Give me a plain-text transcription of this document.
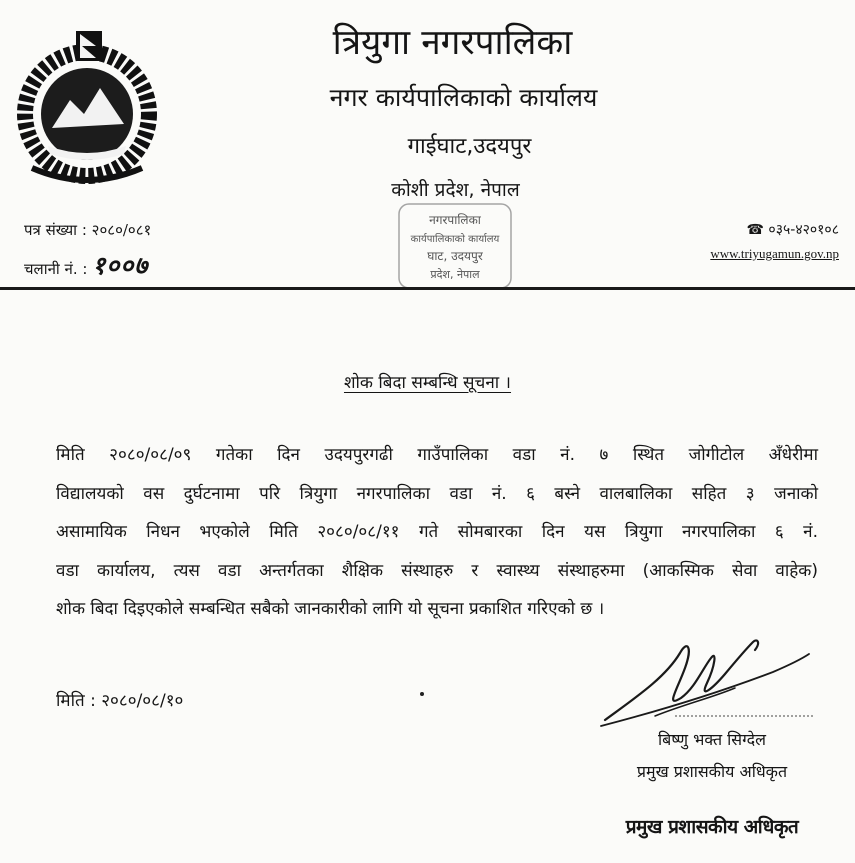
त्रियुगा नगरपालिका
नगर कार्यपालिकाको कार्यालय
गाईघाट,उदयपुर
कोशी प्रदेश, नेपाल
पत्र संख्या : २०८०/०८१
चलानी नं. : १००७
☎ ०३५-४२०१०८
www.triyugamun.gov.np
नगरपालिका
कार्यपालिकाको कार्यालय
घाट, उदयपुर
प्रदेश, नेपाल
शोक बिदा सम्बन्धि सूचना ।
मिति २०८०/०८/०९ गतेका दिन उदयपुरगढी गाउँपालिका वडा नं. ७ स्थित जोगीटोल अँधेरीमा
विद्यालयको वस दुर्घटनामा परि त्रियुगा नगरपालिका वडा नं. ६ बस्ने वालबालिका सहित ३ जनाको
असामायिक निधन भएकोले मिति २०८०/०८/११ गते सोमबारका दिन यस त्रियुगा नगरपालिका ६ नं.
वडा कार्यालय, त्यस वडा अन्तर्गतका शैक्षिक संस्थाहरु र स्वास्थ्य संस्थाहरुमा (आकस्मिक सेवा वाहेक)
शोक बिदा दिइएकोले सम्बन्धित सबैको जानकारीको लागि यो सूचना प्रकाशित गरिएको छ ।
मिति : २०८०/०८/१०
बिष्णु भक्त सिग्देल
प्रमुख प्रशासकीय अधिकृत
प्रमुख प्रशासकीय अधिकृत
